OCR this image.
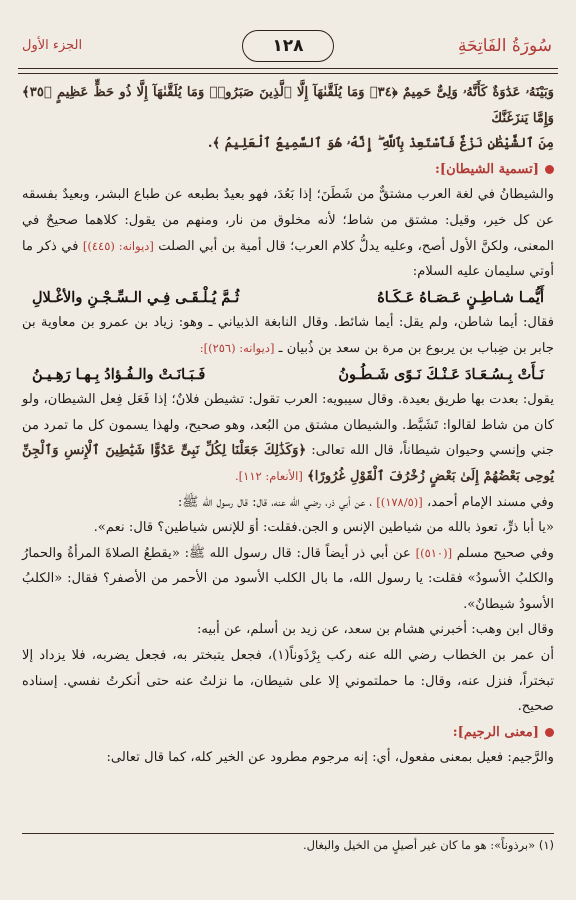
سُورَةُ الفَاتِحَةِ
١٢٨
الجزء الأول

وَبَيْنَهُۥ عَدَٰوَةٌ كَأَنَّهُۥ وَلِىٌّ حَمِيمٌ ﴿٣٤﴾ وَمَا يُلَقَّىٰهَآ إِلَّا ٱلَّذِينَ صَبَرُوا۟ وَمَا يُلَقَّىٰهَآ إِلَّا ذُو حَظٍّ عَظِيمٍ ﴿٣٥﴾ وَإِمَّا يَنزَغَنَّكَ

مِنَ ٱلشَّيْطَٰنِ نَزْغٌ فَٱسْتَعِذْ بِٱللَّهِ ۖ إِنَّهُۥ هُوَ ٱلسَّمِيعُ ٱلْعَلِيمُ ﴾.

[تسمية الشيطان]:

والشيطانُ في لغة العرب مشتقٌّ من شَطَنَ؛ إذا بَعُدَ، فهو بعيدٌ بطبعه عن طباع البشر، وبعيدٌ بفسقه عن كل خير، وقيل: مشتق من شاط؛ لأنه مخلوق من نار، ومنهم من يقول: كلاهما صحيحٌ في المعنى، ولكنَّ الأول أصح، وعليه يدلُّ كلام العرب؛ قال أمية بن أبي الصلت [ديوانه: (٤٤٥)] في ذكر ما أوتي سليمان عليه السلام:

أَيُّمـا شـاطِـنٍ عَـصَـاهُ عَـكَـاهُ
ثُـمَّ يُـلْـقَـى فِـي الـسِّـجْـنِ والأغْـلالِ

فقال: أيما شاطن، ولم يقل: أيما شائط. وقال النابغة الذبياني ـ وهو: زياد بن عمرو بن معاوية بن جابر بن ضِباب بن يربوع بن مرة بن سعد بن ذُبيان ـ [ديوانه: (٢٥٦)]:

نَـأَتْ بِـسُـعَـادَ عَـنْـكَ نَـوًى شَـطُـونُ
فَـبَـانَـتْ والـفُـؤادُ بِـهـا رَهِـيـنُ

يقول: بعدت بها طريق بعيدة. وقال سيبويه: العرب تقول: تشيطن فلانٌ؛ إذا فَعَل فِعل الشيطان، ولو كان من شاط لقالوا: تَشَيَّط. والشيطان مشتق من البُعد، وهو صحيح، ولهذا يسمون كل ما تمرد من جني وإنسي وحيوان شيطاناً، قال الله تعالى: ﴿وَكَذَٰلِكَ جَعَلْنَا لِكُلِّ نَبِىٍّ عَدُوًّا شَيَٰطِينَ ٱلْإِنسِ وَٱلْجِنِّ يُوحِى بَعْضُهُمْ إِلَىٰ بَعْضٍ زُخْرُفَ ٱلْقَوْلِ غُرُورًا﴾ [الأنعام: ١١٢].

وفي مسند الإمام أحمد، [(١٧٨/٥)] ، عن أبي ذر، رضي الله عنه، قال: قال رسول الله ﷺ:

«يا أبا ذرٍّ، تعوذ بالله من شياطين الإنس و الجن.فقلت: أوَ للإنس شياطين؟ قال: نعم».

وفي صحيح مسلم [(٥١٠)] عن أبي ذر أيضاً قال: قال رسول الله ﷺ: «يقطعُ الصلاةَ المرأةُ والحمارُ والكلبُ الأسودُ» فقلت: يا رسول الله، ما بال الكلب الأسود من الأحمر من الأصفر؟ فقال: «الكلبُ الأسودُ شيطانٌ».

وقال ابن وهب: أخبرني هشام بن سعد، عن زيد بن أسلم، عن أبيه:

أن عمر بن الخطاب رضي الله عنه ركب بِرْذَوناً(١)، فجعل يتبختر به، فجعل يضربه، فلا يزداد إلا تبختراً، فنزل عنه، وقال: ما حملتموني إلا على شيطان، ما نزلتُ عنه حتى أنكرتُ نفسي. إسناده صحيح.

[معنى الرجيم]:

والرَّجيم: فعيل بمعنى مفعول، أي: إنه مرجوم مطرود عن الخير كله، كما قال تعالى:

(١) «برذوناً»: هو ما كان غير أصيلٍ من الخيل والبغال.
